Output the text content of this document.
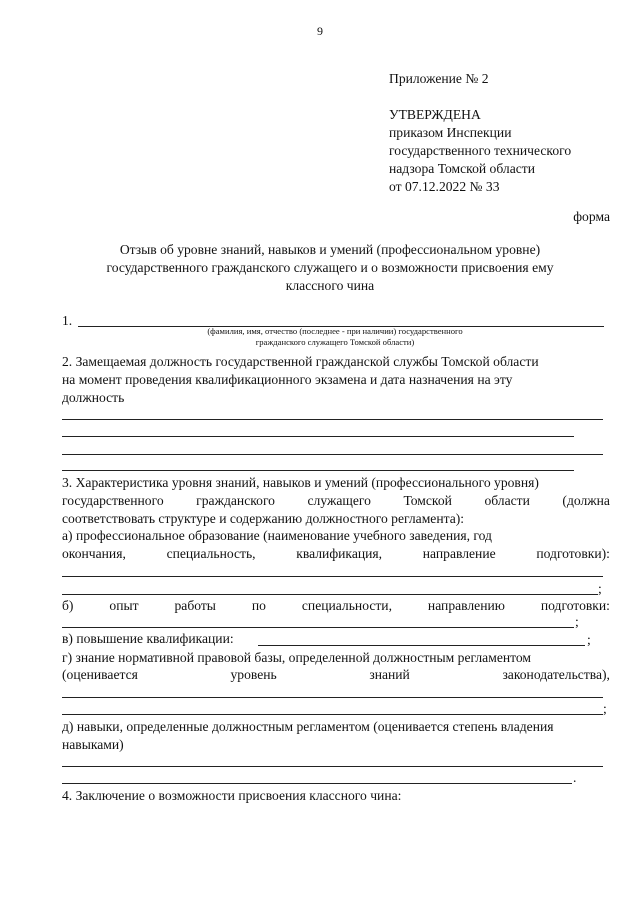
9
Приложение № 2
УТВЕРЖДЕНА
приказом Инспекции
государственного технического
надзора Томской области
от 07.12.2022 № 33
форма
Отзыв об уровне знаний, навыков и умений (профессиональном уровне)
государственного гражданского служащего и о возможности присвоения ему
классного чина
1.
(фамилия, имя, отчество (последнее - при наличии) государственного
гражданского служащего Томской области)
2. Замещаемая должность государственной гражданской службы Томской области
на момент проведения квалификационного экзамена и дата назначения на эту
должность
3. Характеристика уровня знаний, навыков и умений (профессионального уровня)
государственного гражданского служащего Томской области (должна
соответствовать структуре и содержанию должностного регламента):
а) профессиональное образование (наименование учебного заведения, год
окончания,	специальность,	квалификация,	направление	подготовки):
;
б)	опыт	работы	по	специальности,	направлению	подготовки:
;
в) повышение квалификации:	;
г) знание нормативной правовой базы, определенной должностным регламентом
(оценивается	уровень	знаний	законодательства),
;
д) навыки, определенные должностным регламентом (оценивается степень владения
навыками)
.
4. Заключение о возможности присвоения классного чина:
